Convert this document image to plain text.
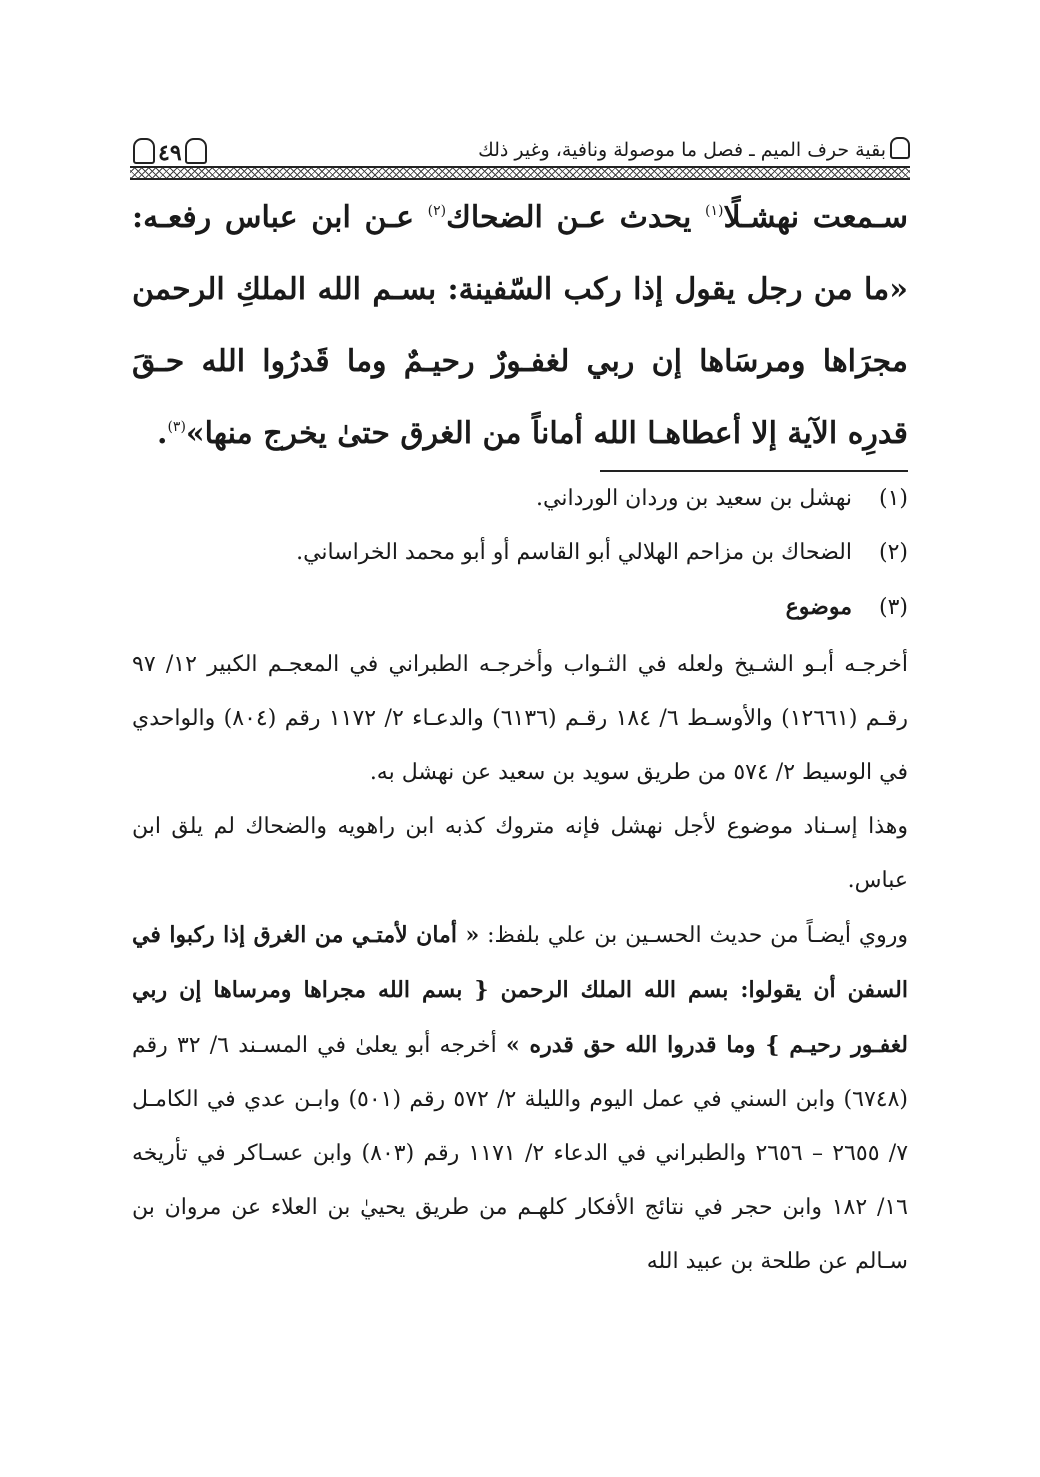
بقية حرف الميم ـ فصل ما موصولة ونافية، وغير ذلك
٤٩
سـمعت نهشـلًا$^{(١)}$ يحدث عـن الضحاك$^{(٢)}$ عـن ابن عباس رفعـه: «ما من رجل يقول إذا ركب السّفينة: بسـم الله الملكِ الرحمن مجرَاها ومرسَاها إن ربي لغفـورٌ رحيـمٌ وما قَدرُوا الله حـقَ قدرِه الآية إلا أعطاهـا الله أماناً من الغرق حتىٰ يخرج منها»$^{(٣)}$.
(١)
نهشل بن سعيد بن وردان الورداني.
(٢)
الضحاك بن مزاحم الهلالي أبو القاسم أو أبو محمد الخراساني.
(٣)
موضوع

أخرجـه أبـو الشـيخ ولعله في الثـواب وأخرجـه الطبراني في المعجـم الكبير ١٢/ ٩٧ رقـم (١٢٦٦١) والأوسـط ٦/ ١٨٤ رقـم (٦١٣٦) والدعـاء ٢/ ١١٧٢ رقم (٨٠٤) والواحدي في الوسيط ٢/ ٥٧٤ من طريق سويد بن سعيد عن نهشل به.

وهذا إسـناد موضوع لأجل نهشل فإنه متروك كذبه ابن راهويه والضحاك لم يلق ابن عباس.

وروي أيضـاً من حديث الحسـين بن علي بلفظ: « أمان لأمتـي من الغرق إذا ركبوا في السفن أن يقولوا: بسم الله الملك الرحمن { بسم الله مجراها ومرساها إن ربي لغفـور رحيـم } وما قدروا الله حق قدره » أخرجه أبو يعلىٰ في المسـند ٦/ ٣٢ رقم (٦٧٤٨) وابن السني في عمل اليوم والليلة ٢/ ٥٧٢ رقم (٥٠١) وابـن عدي في الكامـل ٧/ ٢٦٥٥ – ٢٦٥٦ والطبراني في الدعاء ٢/ ١١٧١ رقم (٨٠٣) وابن عسـاكر في تأريخه ١٦/ ١٨٢ وابن حجر في نتائج الأفكار كلهـم من طريق يحييٰ بن العلاء عن مروان بن سـالم عن طلحة بن عبيد الله
